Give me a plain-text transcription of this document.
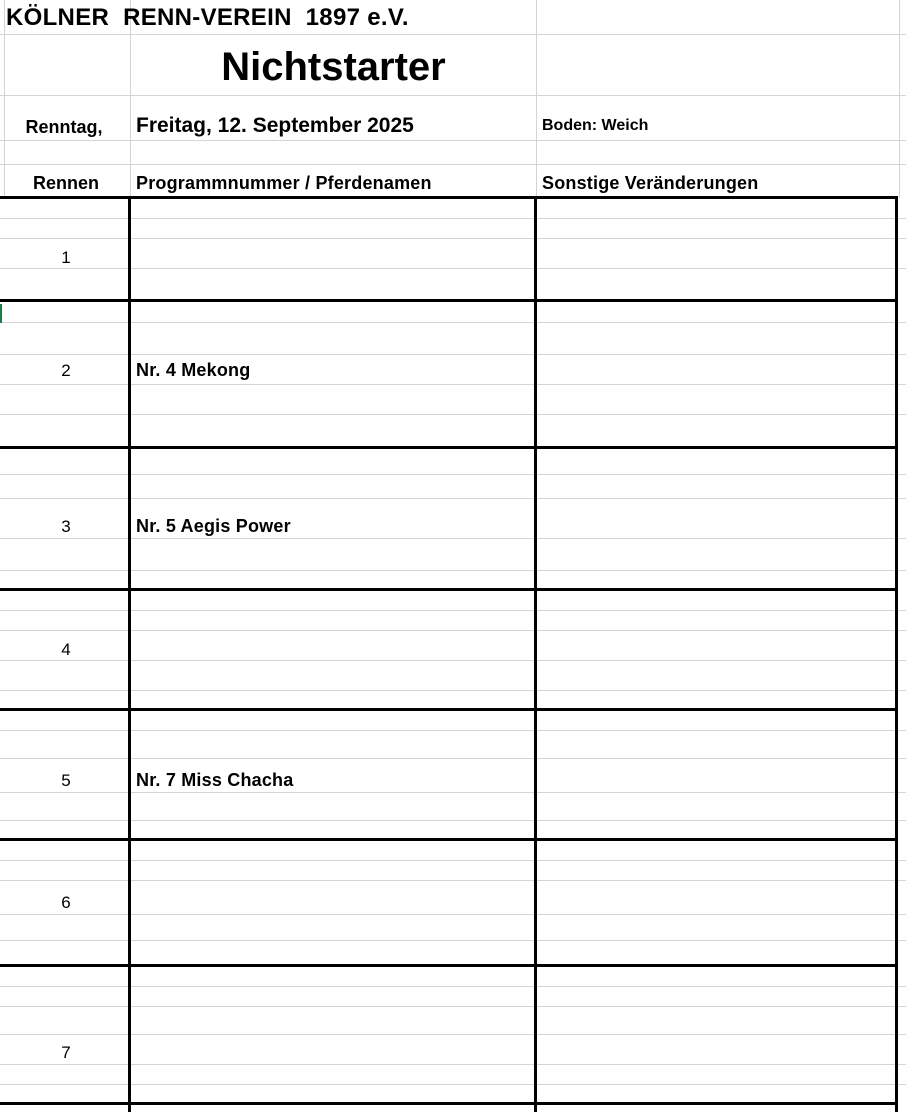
KÖLNER  RENN-VEREIN  1897 e.V.
Nichtstarter
Renntag,	Freitag, 12. September 2025	Boden: Weich
Rennen	Programmnummer / Pferdenamen	Sonstige Veränderungen
1
2	Nr. 4 Mekong
3	Nr. 5 Aegis Power
4
5	Nr. 7 Miss Chacha
6
7
